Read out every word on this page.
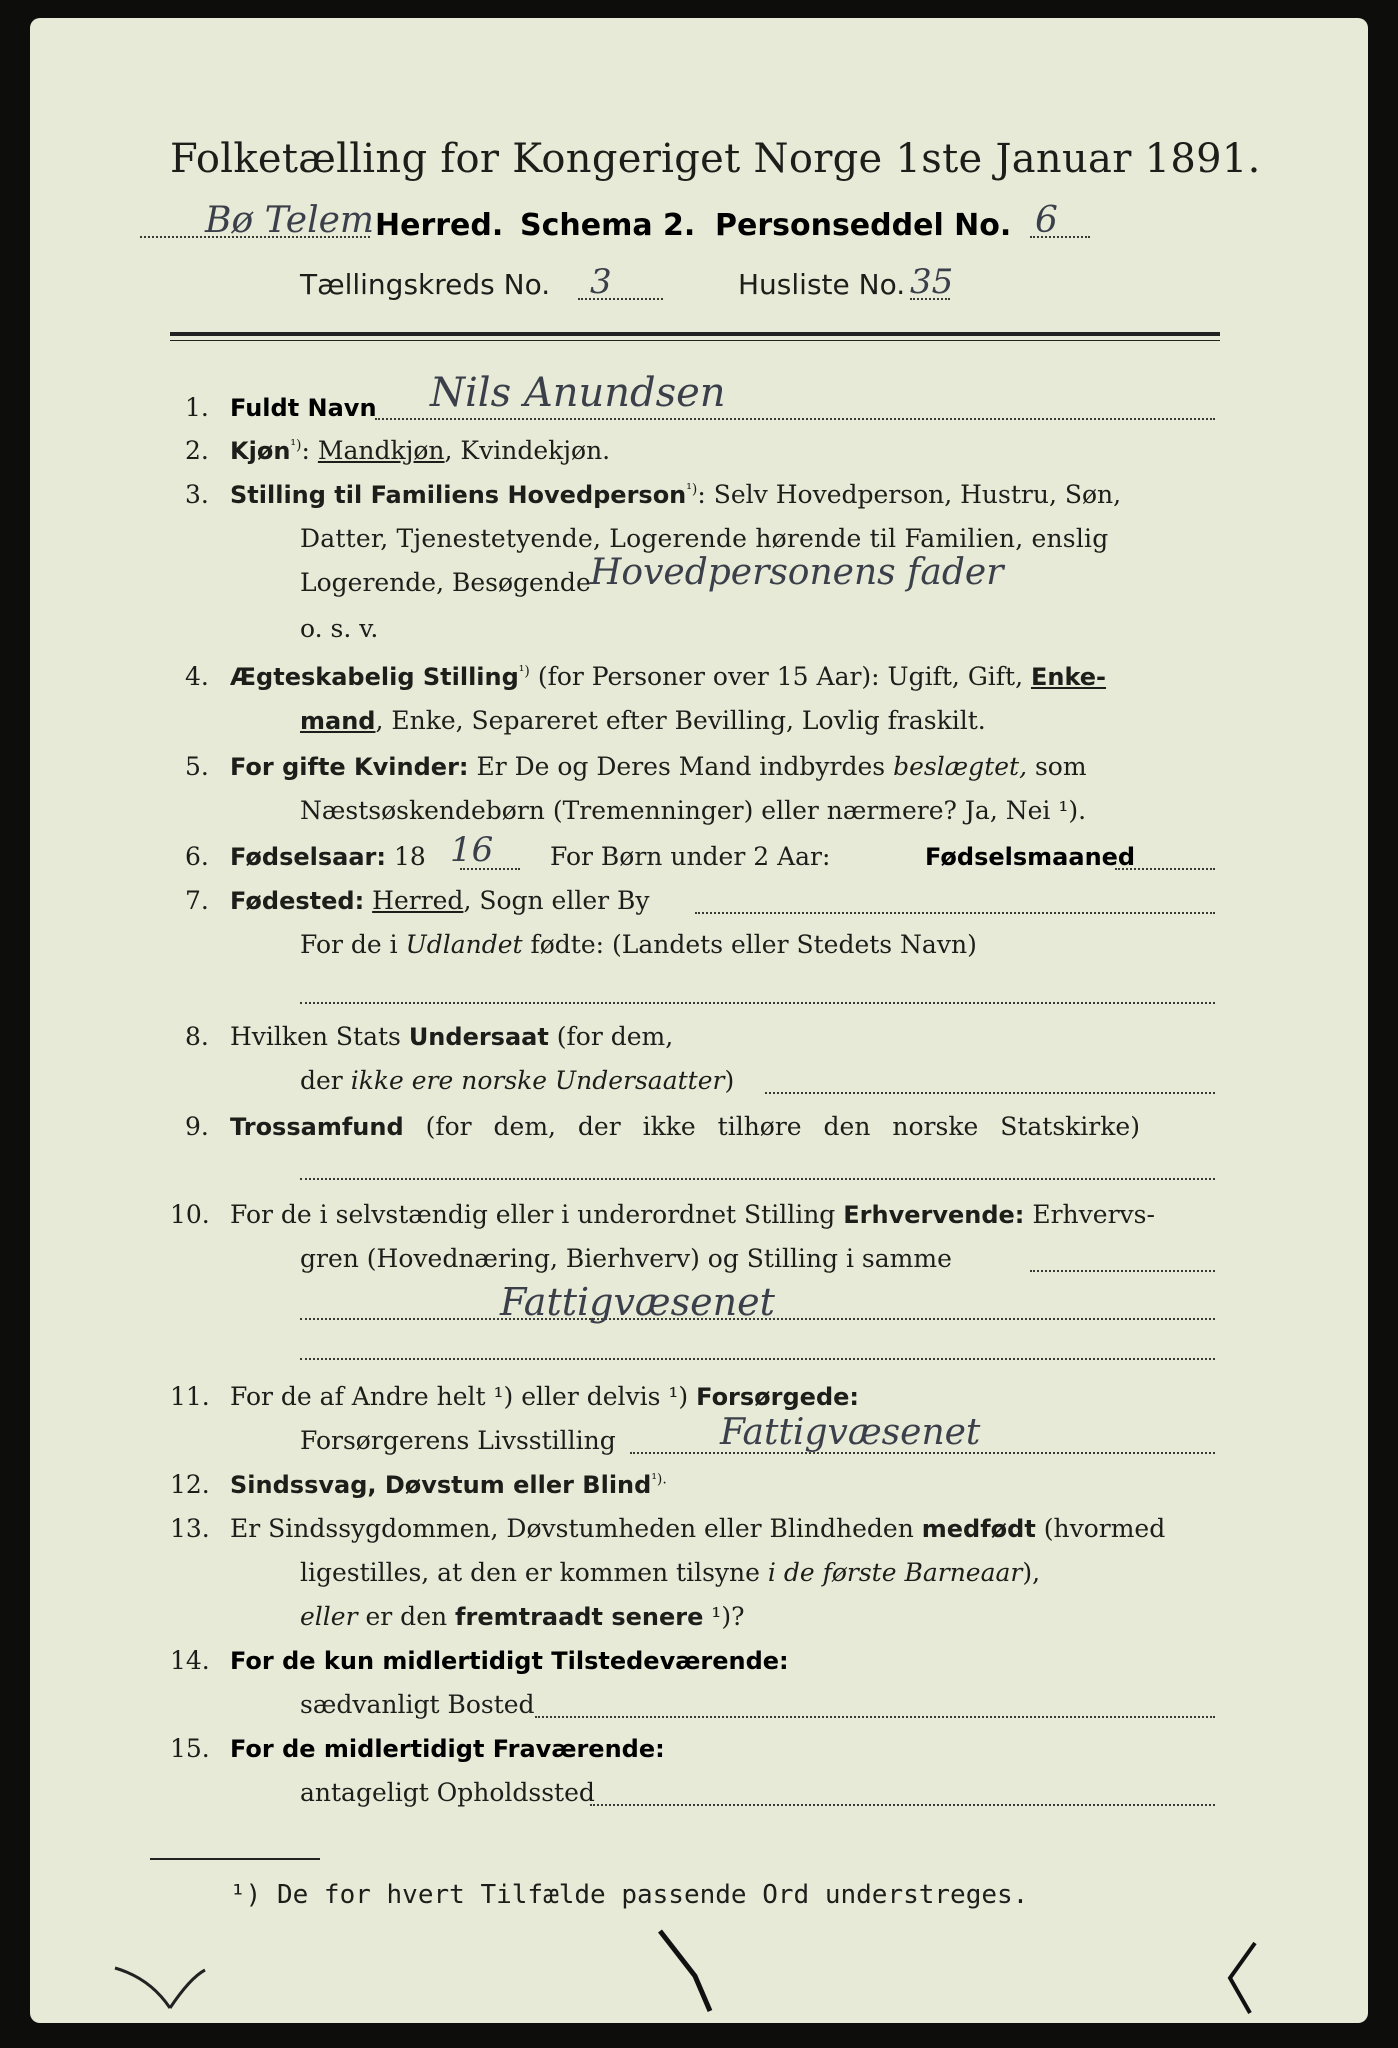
Folketælling for Kongeriget Norge 1ste Januar 1891.
Bø Telem Herred. Schema 2. Personseddel No. 6
Tællingskreds No. 3	Husliste No. 35
1. Fuldt Navn Nils Anundsen
2. Kjøn$^{^1)}$: Mandkjøn, Kvindekjøn.
3. Stilling til Familiens Hovedperson$^{^1)}$: Selv Hovedperson, Hustru, Søn,
Datter, Tjenestetyende, Logerende hørende til Familien, enslig
Logerende, Besøgende Hovedpersonens fader
o. s. v.
4. Ægteskabelig Stilling$^{^1)}$ (for Personer over 15 Aar): Ugift, Gift, Enke-
mand, Enke, Separeret efter Bevilling, Lovlig fraskilt.
5. For gifte Kvinder: Er De og Deres Mand indbyrdes beslægtet, som
Næstsøskendebørn (Tremenninger) eller nærmere? Ja, Nei ¹).
6. Fødselsaar: 18 16 For Børn under 2 Aar:	Fødselsmaaned
7. Fødested: Herred, Sogn eller By
For de i Udlandet fødte: (Landets eller Stedets Navn)
8. Hvilken Stats Undersaat (for dem,
der ikke ere norske Undersaatter)
9. Trossamfund (for dem, der ikke tilhøre den norske Statskirke)
10. For de i selvstændig eller i underordnet Stilling Erhvervende: Erhvervs-
gren (Hovednæring, Bierhverv) og Stilling i samme
Fattigvæsenet
11. For de af Andre helt ¹) eller delvis ¹) Forsørgede:
Forsørgerens Livsstilling	Fattigvæsenet
12. Sindssvag, Døvstum eller Blind$^{^1).}$
13. Er Sindssygdommen, Døvstumheden eller Blindheden medfødt (hvormed
ligestilles, at den er kommen tilsyne i de første Barneaar),
eller er den fremtraadt senere ¹)?
14. For de kun midlertidigt Tilstedeværende:
sædvanligt Bosted
15. For de midlertidigt Fraværende:
antageligt Opholdssted
¹) De for hvert Tilfælde passende Ord understreges.
